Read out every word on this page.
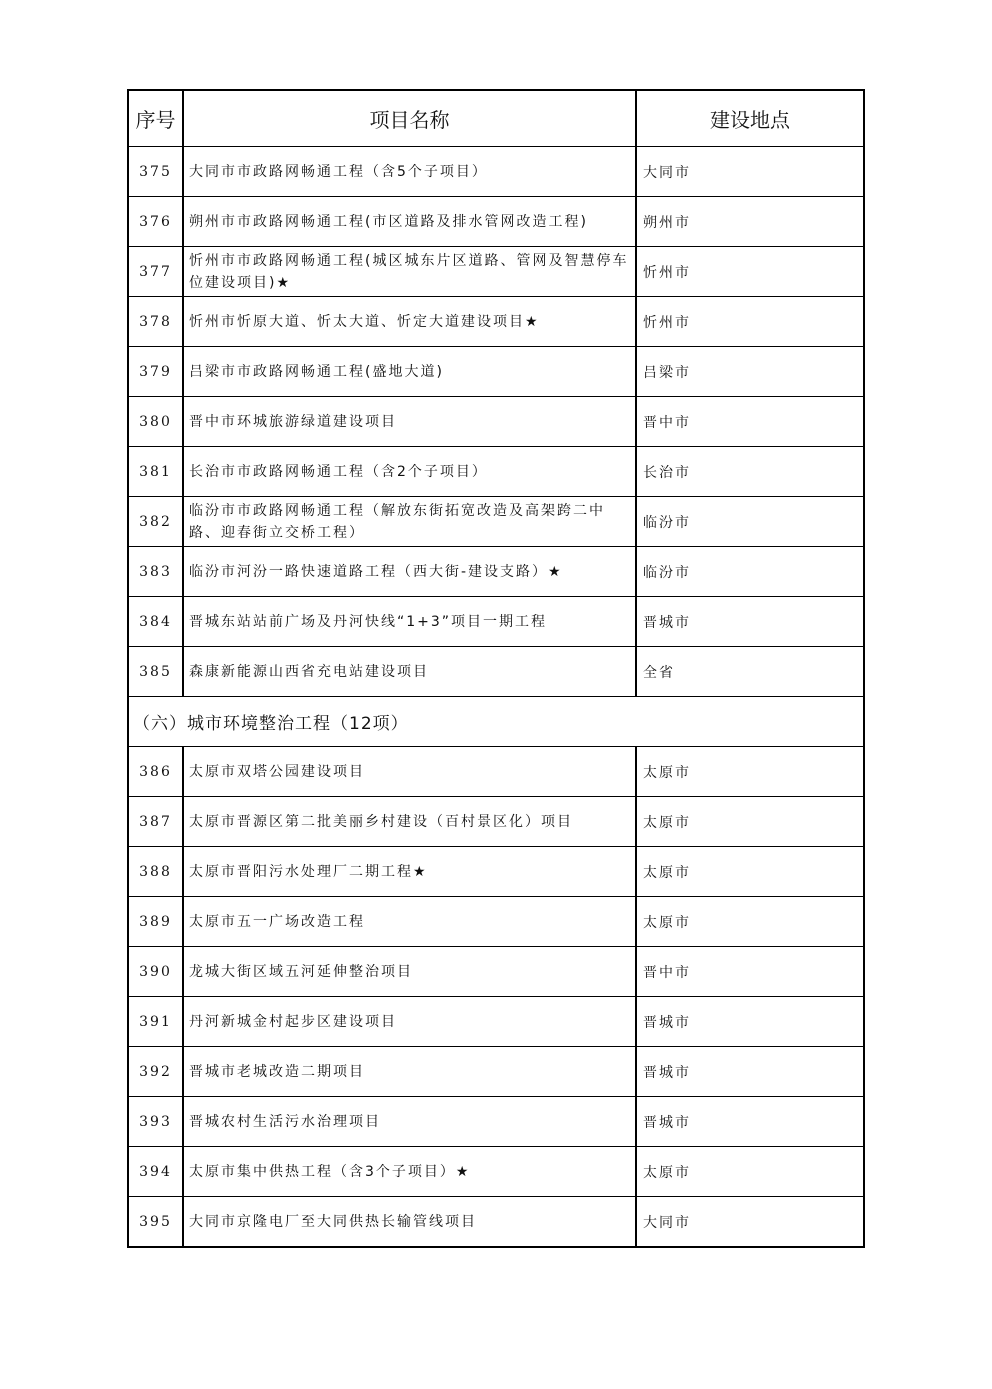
序号	项目名称	建设地点
375	大同市市政路网畅通工程（含5个子项目）	大同市
376	朔州市市政路网畅通工程(市区道路及排水管网改造工程)	朔州市
377	忻州市市政路网畅通工程(城区城东片区道路、管网及智慧停车位建设项目)★	忻州市
378	忻州市忻原大道、忻太大道、忻定大道建设项目★	忻州市
379	吕梁市市政路网畅通工程(盛地大道)	吕梁市
380	晋中市环城旅游绿道建设项目	晋中市
381	长治市市政路网畅通工程（含2个子项目）	长治市
382	临汾市市政路网畅通工程（解放东街拓宽改造及高架跨二中路、迎春街立交桥工程）	临汾市
383	临汾市河汾一路快速道路工程（西大街-建设支路）★	临汾市
384	晋城东站站前广场及丹河快线“1+3”项目一期工程	晋城市
385	森康新能源山西省充电站建设项目	全省
（六）城市环境整治工程（12项）		
386	太原市双塔公园建设项目	太原市
387	太原市晋源区第二批美丽乡村建设（百村景区化）项目	太原市
388	太原市晋阳污水处理厂二期工程★	太原市
389	太原市五一广场改造工程	太原市
390	龙城大街区域五河延伸整治项目	晋中市
391	丹河新城金村起步区建设项目	晋城市
392	晋城市老城改造二期项目	晋城市
393	晋城农村生活污水治理项目	晋城市
394	太原市集中供热工程（含3个子项目）★	太原市
395	大同市京隆电厂至大同供热长输管线项目	大同市
